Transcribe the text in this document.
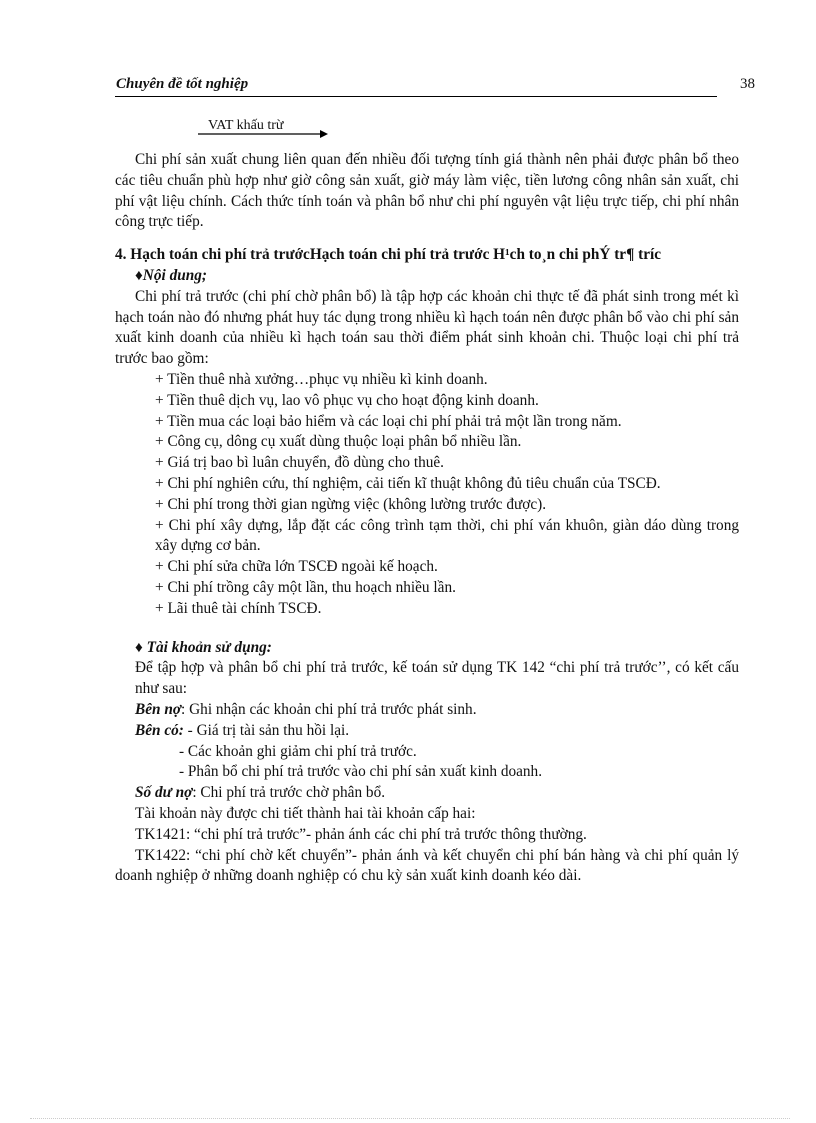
Chuyên đề tốt nghiệp	38
VAT khấu trừ

Chi phí sản xuất chung liên quan đến nhiều đối tượng tính giá thành nên phải được phân bổ theo các tiêu chuẩn phù hợp như giờ công sản xuất, giờ máy làm việc, tiền lương công nhân sản xuất, chi phí vật liệu chính. Cách thức tính toán và phân bổ như chi phí nguyên vật liệu trực tiếp, chi phí nhân công trực tiếp.

4. Hạch toán chi phí trả trướcHạch toán chi phí trả trước H¹ch to¸n chi phÝ tr¶ tríc

♦Nội dung;

Chi phí trả trước (chi phí chờ phân bổ) là tập hợp các khoản chi thực tế đã phát sinh trong mét kì hạch toán nào đó nhưng phát huy tác dụng trong nhiều kì hạch toán nên được phân bổ vào chi phí sản xuất kinh doanh của nhiều kì hạch toán sau thời điểm phát sinh khoản chi. Thuộc loại chi phí trả trước bao gồm:

+ Tiền thuê nhà xưởng…phục vụ nhiều kì kinh doanh.

+ Tiền thuê dịch vụ, lao vô phục vụ cho hoạt động kinh doanh.

+ Tiền mua các loại bảo hiểm và các loại chi phí phải trả một lần trong năm.

+ Công cụ, dông cụ xuất dùng thuộc loại phân bổ nhiều lần.

+ Giá trị bao bì luân chuyển, đồ dùng cho thuê.

+ Chi phí nghiên cứu, thí nghiệm, cải tiến kĩ thuật không đủ tiêu chuẩn của TSCĐ.

+ Chi phí trong thời gian ngừng việc (không lường trước được).

+ Chi phí xây dựng, lắp đặt các công trình tạm thời, chi phí ván khuôn, giàn dáo dùng trong xây dựng cơ bản.

+ Chi phí sửa chữa lớn TSCĐ ngoài kế hoạch.

+ Chi phí trồng cây một lần, thu hoạch nhiều lần.

+ Lãi thuê tài chính TSCĐ.

♦ Tài khoản sử dụng:

Để tập hợp và phân bổ chi phí trả trước, kế toán sử dụng TK 142 “chi phí trả trước’’, có kết cấu như sau:

Bên nợ: Ghi nhận các khoản chi phí trả trước phát sinh.

Bên có: - Giá trị tài sản thu hồi lại.

- Các khoản ghi giảm chi phí trả trước.

- Phân bổ chi phí trả trước vào chi phí sản xuất kinh doanh.

Số dư nợ: Chi phí trả trước chờ phân bổ.

Tài khoản này được chi tiết thành hai tài khoản cấp hai:

TK1421: “chi phí trả trước”- phản ánh các chi phí trả trước thông thường.

TK1422: “chi phí chờ kết chuyển”- phản ánh và kết chuyển chi phí bán hàng và chi phí quản lý doanh nghiệp ở những doanh nghiệp có chu kỳ sản xuất kinh doanh kéo dài.
